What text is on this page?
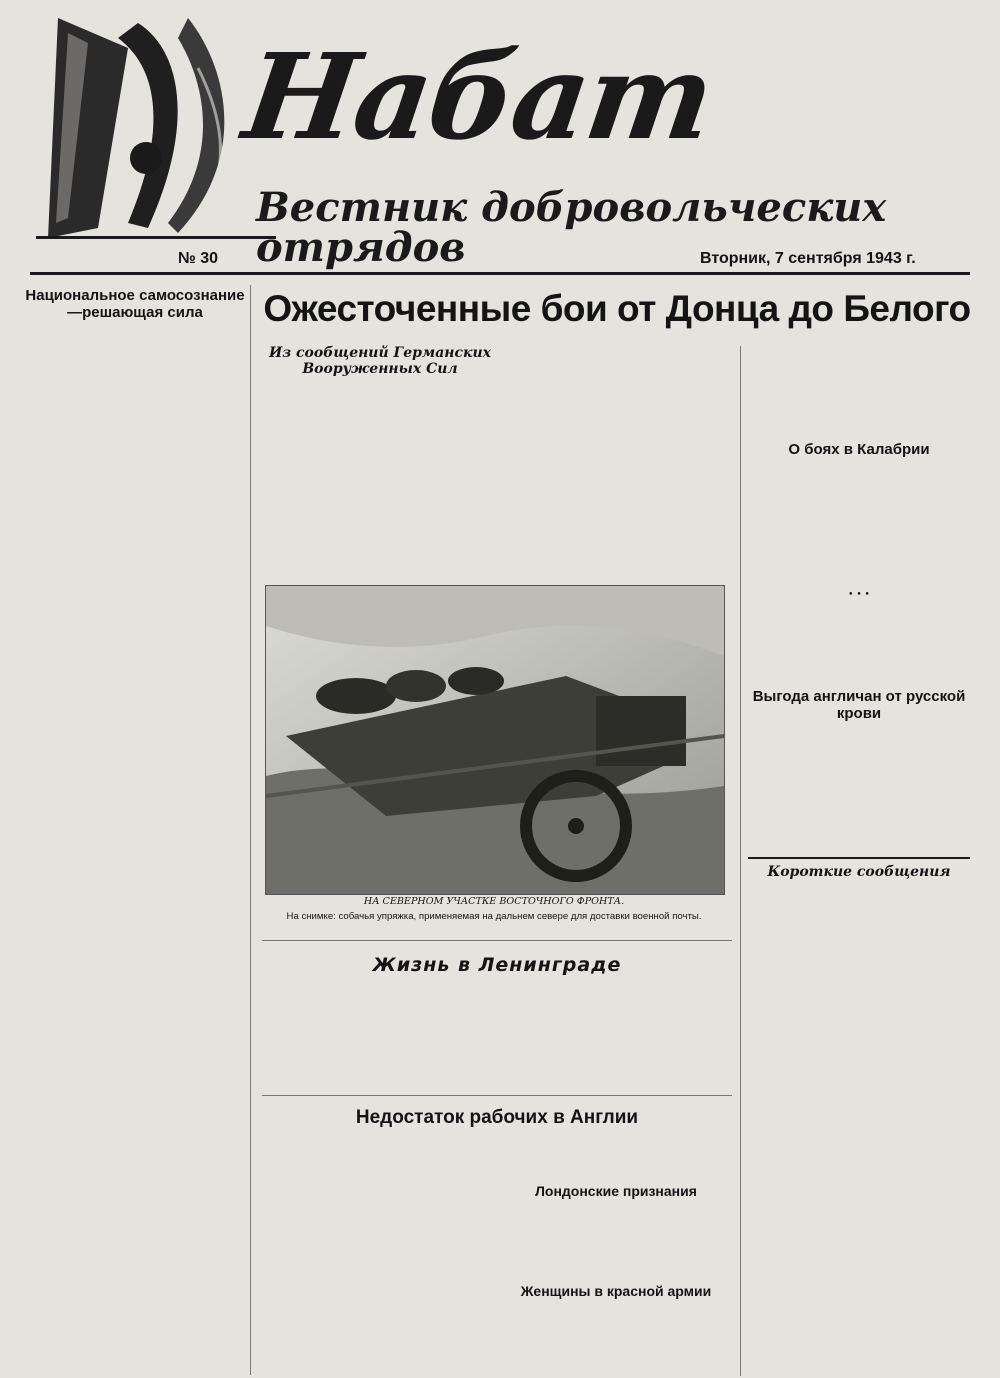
Набат
Вестник добровольческих отрядов
№ 30	Вторник, 7 сентября 1943 г.
Национальное самосознание—решающая сила	Ожесточенные бои от Донца до Белого
Из сообщений Германских Вооруженных Сил
НА СЕВЕРНОМ УЧАСТКЕ ВОСТОЧНОГО ФРОНТА.
На снимке: собачья упряжка, применяемая на дальнем севере для доставки военной почты.
О боях в Калабрии
• • •
Выгода англичан от русской крови
Короткие сообщения
Жизнь в Ленинграде
Недостаток рабочих в Англии
Лондонские признания
Женщины в красной армии
